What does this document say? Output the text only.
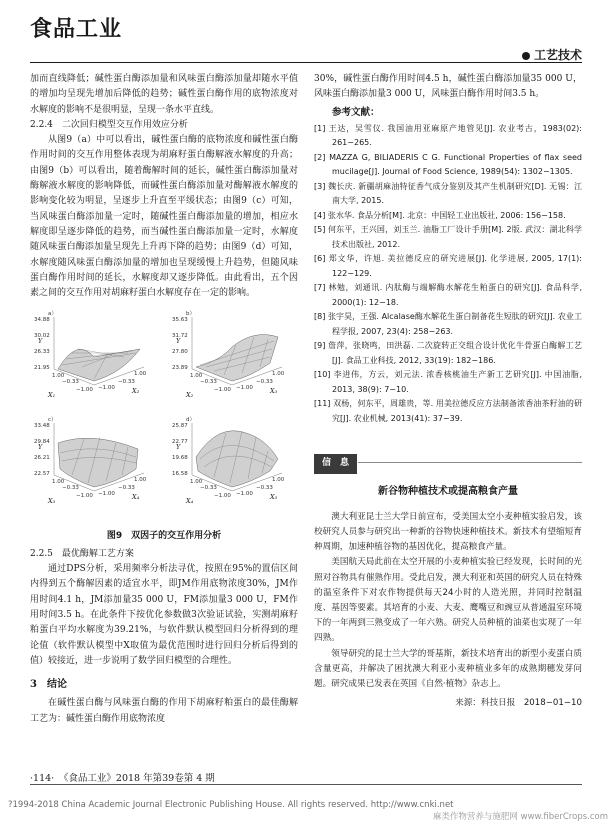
食品工业
工艺技术

加而直线降低；碱性蛋白酶添加量和风味蛋白酶添加量却随水平值的增加均呈现先增加后降低的趋势；碱性蛋白酶作用的底物浓度对水解度的影响不是很明显，呈现一条水平直线。

2.2.4　二次回归模型交互作用效应分析

从图9（a）中可以看出，碱性蛋白酶的底物浓度和碱性蛋白酶作用时间的交互作用整体表现为胡麻籽蛋白酶解液水解度的升高；由图9（b）可以看出，随着酶解时间的延长，碱性蛋白酶添加量对酶解液水解度的影响降低，而碱性蛋白酶添加量对酶解液水解度的影响变化较为明显，呈逐步上升直至平缓状态；由图9（c）可知，当风味蛋白酶添加量一定时，随碱性蛋白酶添加量的增加，相应水解度即呈逐步降低的趋势，而当碱性蛋白酶添加量一定时，水解度随风味蛋白酶添加量呈现先上升再下降的趋势；由图9（d）可知，水解度随风味蛋白酶添加量的增加也呈现缓慢上升趋势，但随风味蛋白酶作用时间的延长，水解度却又逐步降低。由此看出，五个因素之间的交互作用对胡麻籽蛋白水解度存在一定的影响。

34.88
30.02
26.33
21.95
Y
1.00
−0.33
−1.00 −1.00
−0.33
1.00
X₁	X₂
a）
35.63
31.72
27.80
23.89
Y
1.00
−0.33
−1.00 −1.00
−0.33
1.00
X₂	X₃
b）
33.48
29.84
26.21
22.57
Y
1.00
−0.33
−1.00 −1.00
−0.33
1.00
X₃	X₄
c）
25.87
22.77
19.68
16.58
Y
1.00
−0.33
−1.00 −1.00
−0.33
1.00
X₄	X₅
d）

图9　双因子的交互作用分析

2.2.5　最优酶解工艺方案

通过DPS分析，采用频率分析法寻优，按照在95%的置信区间内得到五个酶解因素的适宜水平，即JM作用底物浓度30%，JM作用时间4.1 h，JM添加量35 000 U，FM添加量3 000 U，FM作用时间3.5 h。在此条件下按优化参数做3次验证试验，实测胡麻籽粕蛋白平均水解度为39.21%，与软件默认模型回归分析得到的理论值（软件默认模型中X取值为最优范围时进行回归分析后得到的值）较接近，进一步说明了数学回归模型的合理性。

3　结论

在碱性蛋白酶与风味蛋白酶的作用下胡麻籽粕蛋白的最佳酶解工艺为：碱性蛋白酶作用底物浓度

30%，碱性蛋白酶作用时间4.5 h，碱性蛋白酶添加量35 000 U，风味蛋白酶添加量3 000 U，风味蛋白酶作用时间3.5 h。

参考文献：

[1] 王达，吴雪仪. 我国油用亚麻原产地管见[J]. 农业考古，1983(02): 261−265.

[2] MAZZA G, BILIADERIS C G. Functional Properties of flax seed mucilage[J]. Journal of Food Science, 1989(54): 1302−1305.

[3] 魏长庆. 新疆胡麻油特征香气成分鉴别及其产生机制研究[D]. 无锡：江南大学, 2015.

[4] 张水华. 食品分析[M]. 北京：中国轻工业出版社, 2006: 156−158.

[5] 何东平，王兴国，刘玉兰. 油脂工厂设计手册[M]. 2版. 武汉：湖北科学技术出版社, 2012.

[6] 郑文华，许旭. 美拉德反应的研究进展[J]. 化学进展, 2005, 17(1): 122−129.

[7] 林勉，刘通讯. 内肽酶与端解酶水解花生粕蛋白的研究[J]. 食品科学, 2000(1): 12−18.

[8] 张宇昊，王强. Alcalase酶水解花生蛋白制备花生短肽的研究[J]. 农业工程学报, 2007, 23(4): 258−263.

[9] 詹萍，张晓鸣，田洪磊. 二次旋转正交组合设计优化牛骨蛋白酶解工艺[J]. 食品工业科技, 2012, 33(19): 182−186.

[10] 李进伟，方云，刘元法. 浓香核桃油生产新工艺研究[J]. 中国油脂, 2013, 38(9): 7−10.

[11] 双杨，何东平，周雄贵，等. 用美拉德反应方法制备浓香油茶籽油的研究[J]. 农业机械, 2013(41): 37−39.

信　息

新谷物种植技术或提高粮食产量

澳大利亚昆士兰大学日前宣布，受美国太空小麦种植实验启发，该校研究人员参与研究出一种新的谷物快速种植技术。新技术有望缩短育种周期，加速种植谷物的基因优化，提高粮食产量。

美国航天局此前在太空开展的小麦种植实验已经发现，长时间的光照对谷物具有催熟作用。受此启发，澳大利亚和英国的研究人员在特殊的温室条件下对农作物提供每天24小时的人造光照，并同时控制温度、基因等要素。其培育的小麦、大麦、鹰嘴豆和豌豆从普通温室环境下的一年两到三熟变成了一年六熟。研究人员种植的油菜也实现了一年四熟。

领导研究的昆士兰大学的哥基斯，新技术培育出的新型小麦蛋白质含量更高，并解决了困扰澳大利亚小麦种植业多年的成熟期穗发芽问题。研究成果已发表在英国《自然·植物》杂志上。

来源：科技日报　2018−01−10

·114·　《食品工业》2018 年第39卷第 4 期
?1994-2018 China Academic Journal Electronic Publishing House. All rights reserved. http://www.cnki.net
麻类作物营养与施肥网 www.fiberCrops.com
